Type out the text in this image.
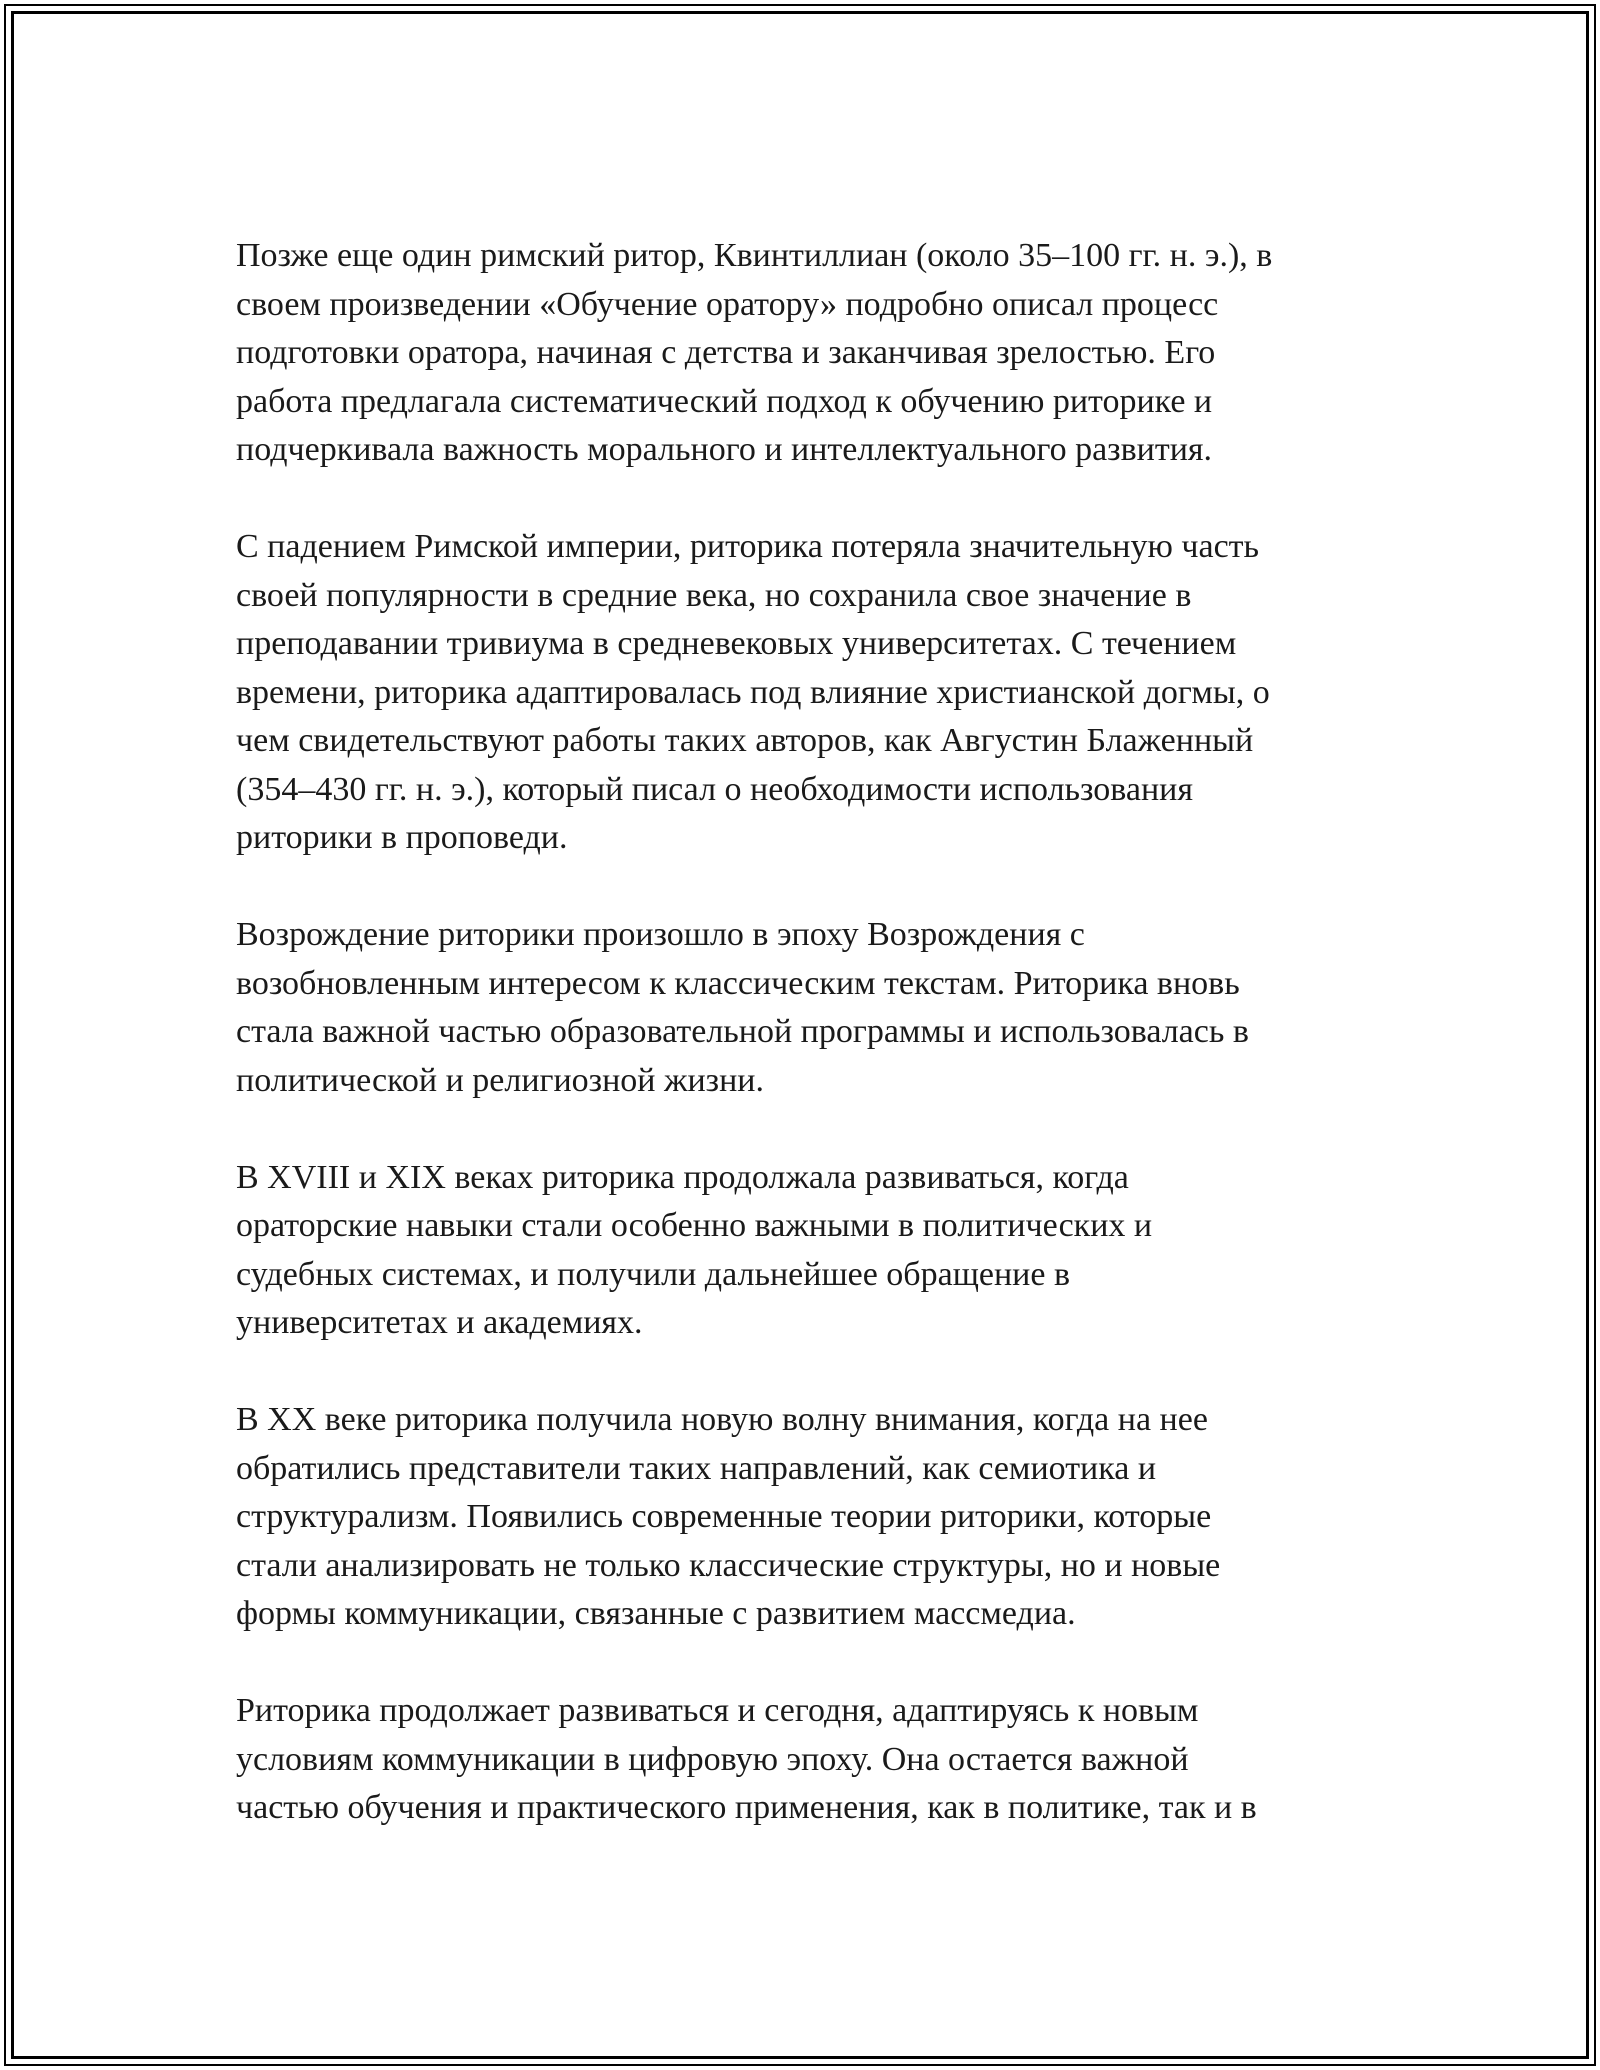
Позже еще один римский ритор, Квинтиллиан (около 35–100 гг. н. э.), в
своем произведении «Обучение оратору» подробно описал процесс
подготовки оратора, начиная с детства и заканчивая зрелостью. Его
работа предлагала систематический подход к обучению риторике и
подчеркивала важность морального и интеллектуального развития.

С падением Римской империи, риторика потеряла значительную часть
своей популярности в средние века, но сохранила свое значение в
преподавании тривиума в средневековых университетах. С течением
времени, риторика адаптировалась под влияние христианской догмы, о
чем свидетельствуют работы таких авторов, как Августин Блаженный
(354–430 гг. н. э.), который писал о необходимости использования
риторики в проповеди.

Возрождение риторики произошло в эпоху Возрождения с
возобновленным интересом к классическим текстам. Риторика вновь
стала важной частью образовательной программы и использовалась в
политической и религиозной жизни.

В XVIII и XIX веках риторика продолжала развиваться, когда
ораторские навыки стали особенно важными в политических и
судебных системах, и получили дальнейшее обращение в
университетах и академиях.

В XX веке риторика получила новую волну внимания, когда на нее
обратились представители таких направлений, как семиотика и
структурализм. Появились современные теории риторики, которые
стали анализировать не только классические структуры, но и новые
формы коммуникации, связанные с развитием массмедиа.

Риторика продолжает развиваться и сегодня, адаптируясь к новым
условиям коммуникации в цифровую эпоху. Она остается важной
частью обучения и практического применения, как в политике, так и в
